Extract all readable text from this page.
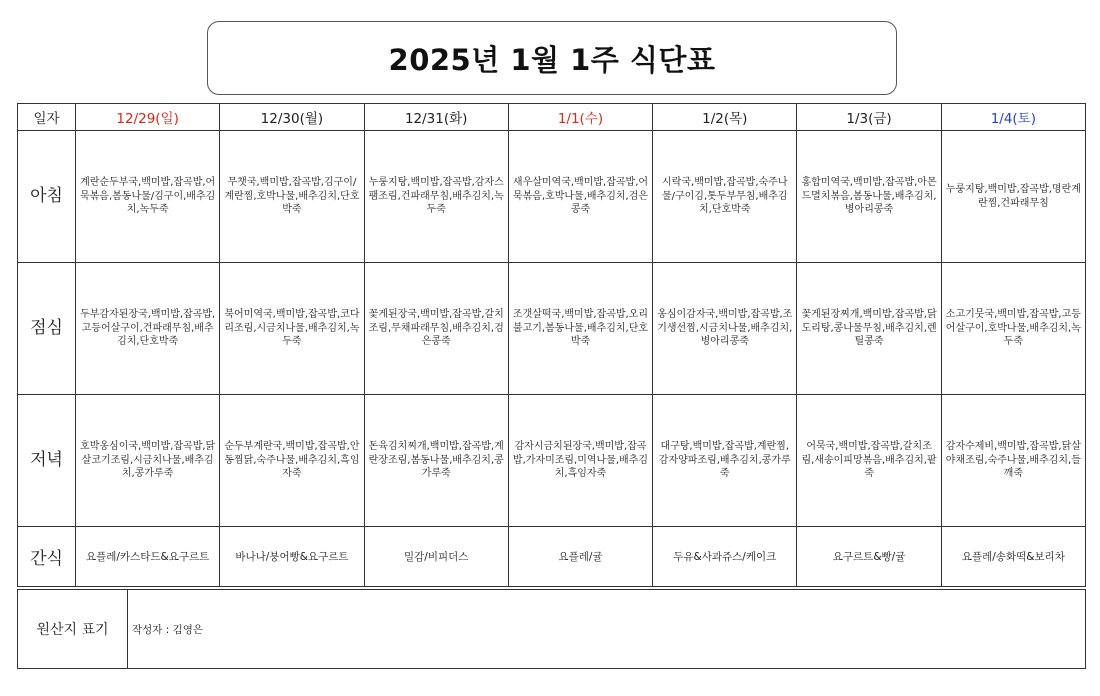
2025년 1월 1주 식단표
일자	12/29(일)	12/30(월)	12/31(화)	1/1(수)	1/2(목)	1/3(금)	1/4(토)
아침	계란순두부국,백미밥,잡곡밥,어묵볶음,봄동나물/김구이,배추김치,녹두죽	무챗국,백미밥,잡곡밥,김구이/계란찜,호박나물,배추김치,단호박죽	누룽지탕,백미밥,잡곡밥,감자스팸조림,건파래무침,배추김치,녹두죽	새우살미역국,백미밥,잡곡밥,어묵볶음,호박나물,배추김치,검은콩죽	시락국,백미밥,잡곡밥,숙주나물/구이김,톳두부무침,배추김치,단호박죽	홍합미역국,백미밥,잡곡밥,아몬드멸치볶음,봄동나물,배추김치,병아리콩죽	누룽지탕,백미밥,잡곡밥,명란계란찜,건파래무침
점심	두부감자된장국,백미밥,잡곡밥,고등어살구이,건파래무침,배추김치,단호박죽	북어미역국,백미밥,잡곡밥,코다리조림,시금치나물,배추김치,녹두죽	꽃게된장국,백미밥,잡곡밥,갈치조림,무채파래무침,배추김치,검은콩죽	조갯살떡국,백미밥,잡곡밥,오리불고기,봄동나물,배추김치,단호박죽	옹심이감자국,백미밥,잡곡밥,조기생선찜,시금치나물,배추김치,병아리콩죽	꽃게된장찌개,백미밥,잡곡밥,닭도리탕,콩나물무침,배추김치,렌틸콩죽	소고기뭇국,백미밥,잡곡밥,고등어살구이,호박나물,배추김치,녹두죽
저녁	호박옹심이국,백미밥,잡곡밥,닭살코기조림,시금치나물,배추김치,콩가루죽	순두부계란국,백미밥,잡곡밥,안동찜닭,숙주나물,배추김치,흑임자죽	돈육김치찌개,백미밥,잡곡밥,계란장조림,봄동나물,배추김치,콩가루죽	감자시금치된장국,백미밥,잡곡밥,가자미조림,미역나물,배추김치,흑임자죽	대구탕,백미밥,잡곡밥,계란찜,감자양파조림,배추김치,콩가루죽	어묵국,백미밥,잡곡밥,갈치조림,새송이피망볶음,배추김치,팥죽	감자수제비,백미밥,잡곡밥,닭살야채조림,숙주나물,배추김치,들깨죽
간식	요플레/카스타드&요구르트	바나나/붕어빵&요구르트	밀감/비피더스	요플레/귤	두유&사과쥬스/케이크	요구르트&빵/귤	요플레/송화떡&보리차
원산지 표기	작성자 : 김영은
